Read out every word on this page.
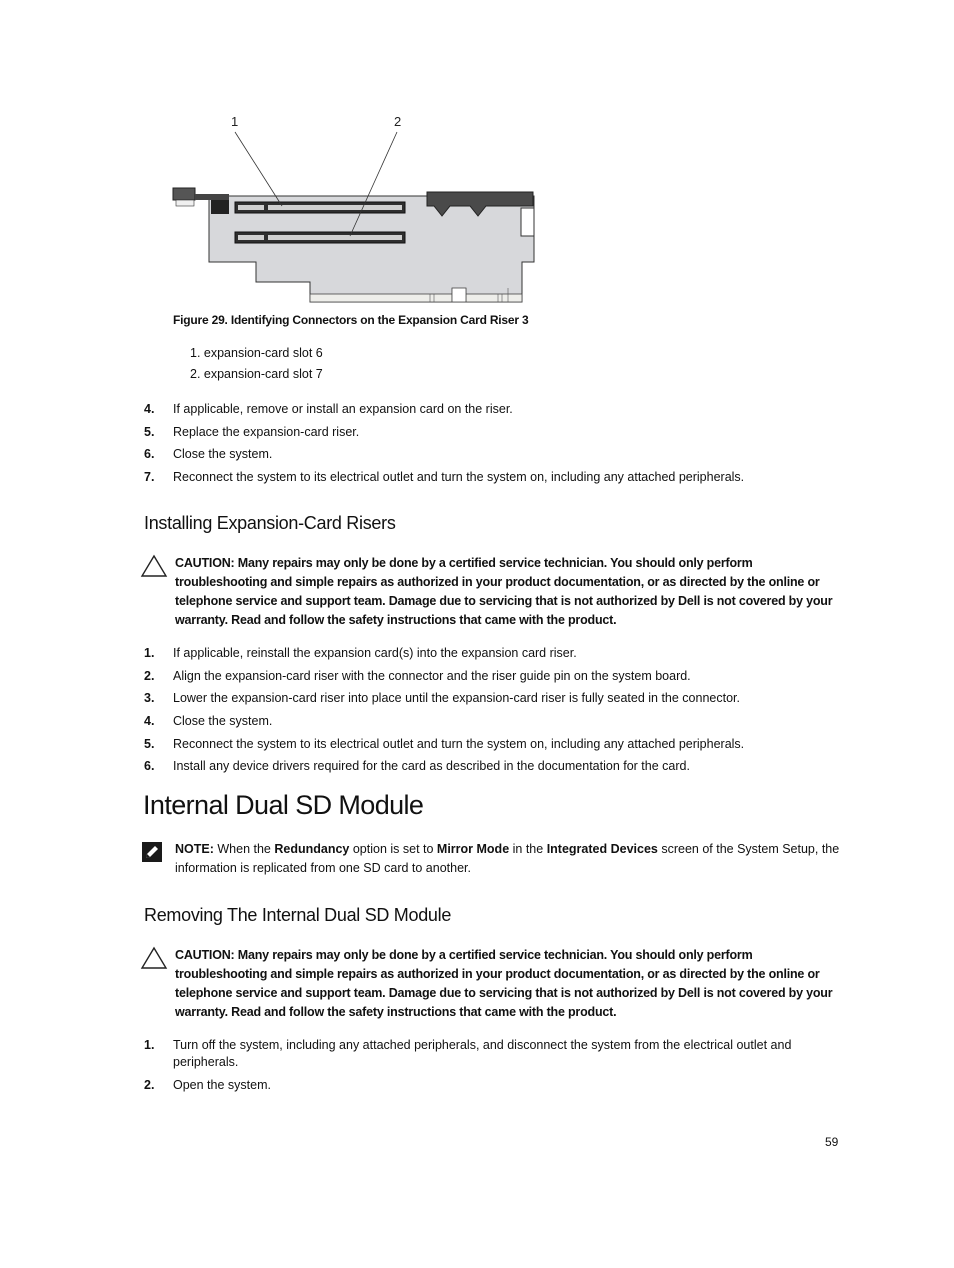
1	2
Figure 29. Identifying Connectors on the Expansion Card Riser 3
1. expansion-card slot 6
2. expansion-card slot 7
4. If applicable, remove or install an expansion card on the riser.
5. Replace the expansion-card riser.
6. Close the system.
7. Reconnect the system to its electrical outlet and turn the system on, including any attached peripherals.
Installing Expansion-Card Risers
CAUTION: Many repairs may only be done by a certified service technician. You should only perform troubleshooting and simple repairs as authorized in your product documentation, or as directed by the online or telephone service and support team. Damage due to servicing that is not authorized by Dell is not covered by your warranty. Read and follow the safety instructions that came with the product.
1. If applicable, reinstall the expansion card(s) into the expansion card riser.
2. Align the expansion-card riser with the connector and the riser guide pin on the system board.
3. Lower the expansion-card riser into place until the expansion-card riser is fully seated in the connector.
4. Close the system.
5. Reconnect the system to its electrical outlet and turn the system on, including any attached peripherals.
6. Install any device drivers required for the card as described in the documentation for the card.
Internal Dual SD Module
NOTE: When the Redundancy option is set to Mirror Mode in the Integrated Devices screen of the System Setup, the information is replicated from one SD card to another.
Removing The Internal Dual SD Module
CAUTION: Many repairs may only be done by a certified service technician. You should only perform troubleshooting and simple repairs as authorized in your product documentation, or as directed by the online or telephone service and support team. Damage due to servicing that is not authorized by Dell is not covered by your warranty. Read and follow the safety instructions that came with the product.
1. Turn off the system, including any attached peripherals, and disconnect the system from the electrical outlet and peripherals.
2. Open the system.
59
